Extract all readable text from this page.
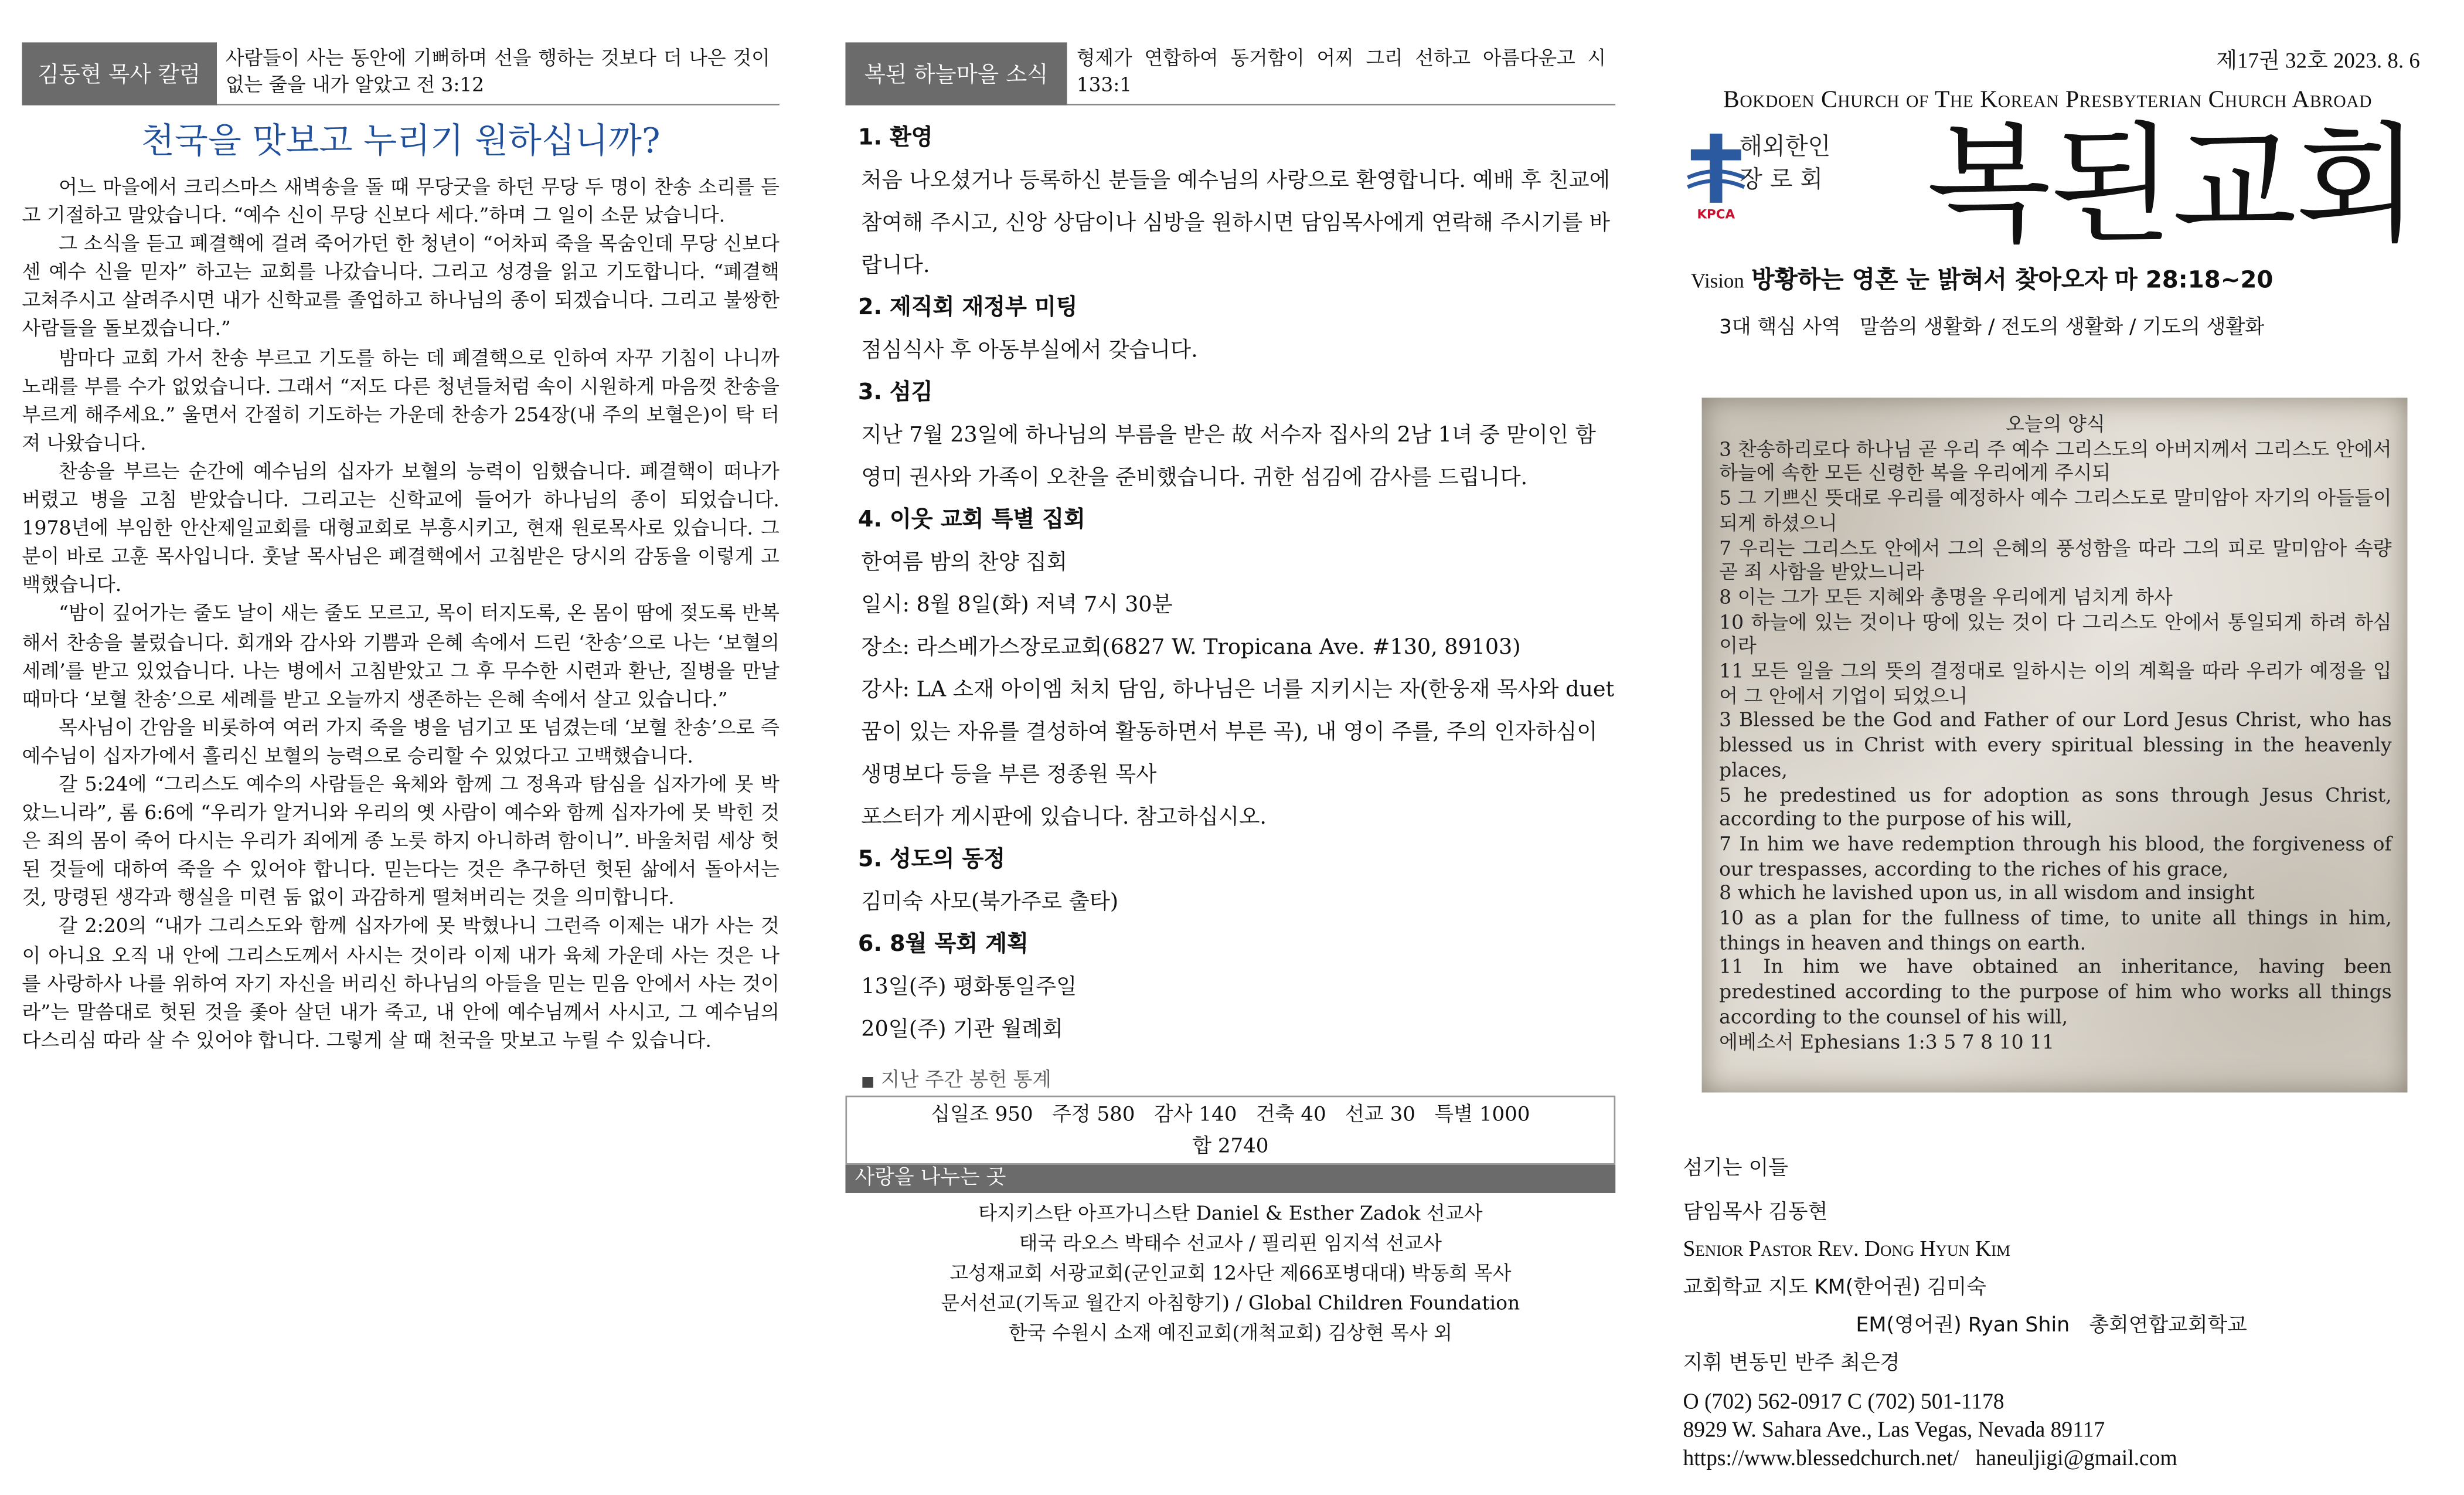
김동현 목사 칼럼
사람들이 사는 동안에 기뻐하며 선을 행하는 것보다 더 나은 것이 없는 줄을 내가 알았고 전 3:12
천국을 맛보고 누리기 원하십니까?

어느 마을에서 크리스마스 새벽송을 돌 때 무당굿을 하던 무당 두 명이 찬송 소리를 듣고 기절하고 말았습니다. “예수 신이 무당 신보다 세다.”하며 그 일이 소문 났습니다.

그 소식을 듣고 폐결핵에 걸려 죽어가던 한 청년이 “어차피 죽을 목숨인데 무당 신보다 센 예수 신을 믿자” 하고는 교회를 나갔습니다. 그리고 성경을 읽고 기도합니다. “폐결핵 고쳐주시고 살려주시면 내가 신학교를 졸업하고 하나님의 종이 되겠습니다. 그리고 불쌍한 사람들을 돌보겠습니다.”

밤마다 교회 가서 찬송 부르고 기도를 하는 데 폐결핵으로 인하여 자꾸 기침이 나니까 노래를 부를 수가 없었습니다. 그래서 “저도 다른 청년들처럼 속이 시원하게 마음껏 찬송을 부르게 해주세요.” 울면서 간절히 기도하는 가운데 찬송가 254장(내 주의 보혈은)이 탁 터져 나왔습니다.

찬송을 부르는 순간에 예수님의 십자가 보혈의 능력이 임했습니다. 폐결핵이 떠나가 버렸고 병을 고침 받았습니다. 그리고는 신학교에 들어가 하나님의 종이 되었습니다. 1978년에 부임한 안산제일교회를 대형교회로 부흥시키고, 현재 원로목사로 있습니다. 그분이 바로 고훈 목사입니다. 훗날 목사님은 폐결핵에서 고침받은 당시의 감동을 이렇게 고백했습니다.

“밤이 깊어가는 줄도 날이 새는 줄도 모르고, 목이 터지도록, 온 몸이 땀에 젖도록 반복해서 찬송을 불렀습니다. 회개와 감사와 기쁨과 은혜 속에서 드린 ‘찬송’으로 나는 ‘보혈의 세례’를 받고 있었습니다. 나는 병에서 고침받았고 그 후 무수한 시련과 환난, 질병을 만날 때마다 ‘보혈 찬송’으로 세례를 받고 오늘까지 생존하는 은혜 속에서 살고 있습니다.”

목사님이 간암을 비롯하여 여러 가지 죽을 병을 넘기고 또 넘겼는데 ‘보혈 찬송’으로 즉 예수님이 십자가에서 흘리신 보혈의 능력으로 승리할 수 있었다고 고백했습니다.

갈 5:24에 “그리스도 예수의 사람들은 육체와 함께 그 정욕과 탐심을 십자가에 못 박았느니라”, 롬 6:6에 “우리가 알거니와 우리의 옛 사람이 예수와 함께 십자가에 못 박힌 것은 죄의 몸이 죽어 다시는 우리가 죄에게 종 노릇 하지 아니하려 함이니”. 바울처럼 세상 헛된 것들에 대하여 죽을 수 있어야 합니다. 믿는다는 것은 추구하던 헛된 삶에서 돌아서는 것, 망령된 생각과 행실을 미련 둠 없이 과감하게 떨쳐버리는 것을 의미합니다.

갈 2:20의 “내가 그리스도와 함께 십자가에 못 박혔나니 그런즉 이제는 내가 사는 것이 아니요 오직 내 안에 그리스도께서 사시는 것이라 이제 내가 육체 가운데 사는 것은 나를 사랑하사 나를 위하여 자기 자신을 버리신 하나님의 아들을 믿는 믿음 안에서 사는 것이라”는 말씀대로 헛된 것을 좇아 살던 내가 죽고, 내 안에 예수님께서 사시고, 그 예수님의 다스리심 따라 살 수 있어야 합니다. 그렇게 살 때 천국을 맛보고 누릴 수 있습니다.

복된 하늘마을 소식
형제가 연합하여 동거함이 어찌 그리 선하고 아름다운고 시 133:1
1. 환영
처음 나오셨거나 등록하신 분들을 예수님의 사랑으로 환영합니다. 예배 후 친교에 참여해 주시고, 신앙 상담이나 심방을 원하시면 담임목사에게 연락해 주시기를 바랍니다.
2. 제직회 재정부 미팅
점심식사 후 아동부실에서 갖습니다.
3. 섬김
지난 7월 23일에 하나님의 부름을 받은 故 서수자 집사의 2남 1녀 중 맏이인 함영미 권사와 가족이 오찬을 준비했습니다. 귀한 섬김에 감사를 드립니다.
4. 이웃 교회 특별 집회
한여름 밤의 찬양 집회
일시: 8월 8일(화) 저녁 7시 30분
장소: 라스베가스장로교회(6827 W. Tropicana Ave. #130, 89103)
강사: LA 소재 아이엠 처치 담임, 하나님은 너를 지키시는 자(한웅재 목사와 duet 꿈이 있는 자유를 결성하여 활동하면서 부른 곡), 내 영이 주를, 주의 인자하심이 생명보다 등을 부른 정종원 목사
포스터가 게시판에 있습니다. 참고하십시오.
5. 성도의 동정
김미숙 사모(북가주로 출타)
6. 8월 목회 계획
13일(주) 평화통일주일
20일(주) 기관 월례회
■ 지난 주간 봉헌 통계
십일조 950   주정 580   감사 140   건축 40   선교 30   특별 1000
합 2740
사랑을 나누는 곳
타지키스탄 아프가니스탄 Daniel & Esther Zadok 선교사
태국 라오스 박태수 선교사 / 필리핀 임지석 선교사
고성재교회 서광교회(군인교회 12사단 제66포병대대) 박동희 목사
문서선교(기독교 월간지 아침향기) / Global Children Foundation
한국 수원시 소재 예진교회(개척교회) 김상현 목사 외
제17권 32호 2023. 8. 6
Bokdoen Church of The Korean Presbyterian Church Abroad
KPCA
해외한인
장 로 회 복된교회
Vision 방황하는 영혼 눈 밝혀서 찾아오자 마 28:18~20
3대 핵심 사역   말씀의 생활화 / 전도의 생활화 / 기도의 생활화
오늘의 양식
3 찬송하리로다 하나님 곧 우리 주 예수 그리스도의 아버지께서 그리스도 안에서 하늘에 속한 모든 신령한 복을 우리에게 주시되
5 그 기쁘신 뜻대로 우리를 예정하사 예수 그리스도로 말미암아 자기의 아들들이 되게 하셨으니
7 우리는 그리스도 안에서 그의 은혜의 풍성함을 따라 그의 피로 말미암아 속량 곧 죄 사함을 받았느니라
8 이는 그가 모든 지혜와 총명을 우리에게 넘치게 하사
10 하늘에 있는 것이나 땅에 있는 것이 다 그리스도 안에서 통일되게 하려 하심이라
11 모든 일을 그의 뜻의 결정대로 일하시는 이의 계획을 따라 우리가 예정을 입어 그 안에서 기업이 되었으니
3 Blessed be the God and Father of our Lord Jesus Christ, who has blessed us in Christ with every spiritual blessing in the heavenly places,
5 he predestined us for adoption as sons through Jesus Christ, according to the purpose of his will,
7 In him we have redemption through his blood, the forgiveness of our trespasses, according to the riches of his grace,
8 which he lavished upon us, in all wisdom and insight
10 as a plan for the fullness of time, to unite all things in him, things in heaven and things on earth.
11 In him we have obtained an inheritance, having been predestined according to the purpose of him who works all things according to the counsel of his will,
에베소서 Ephesians 1:3 5 7 8 10 11
섬기는 이들
담임목사 김동현
Senior Pastor Rev. Dong Hyun Kim
교회학교 지도 KM(한어권) 김미숙
EM(영어권) Ryan Shin   총회연합교회학교
지휘 변동민 반주 최은경
O (702) 562-0917 C (702) 501-1178
8929 W. Sahara Ave., Las Vegas, Nevada 89117
https://www.blessedchurch.net/   haneuljigi@gmail.com
